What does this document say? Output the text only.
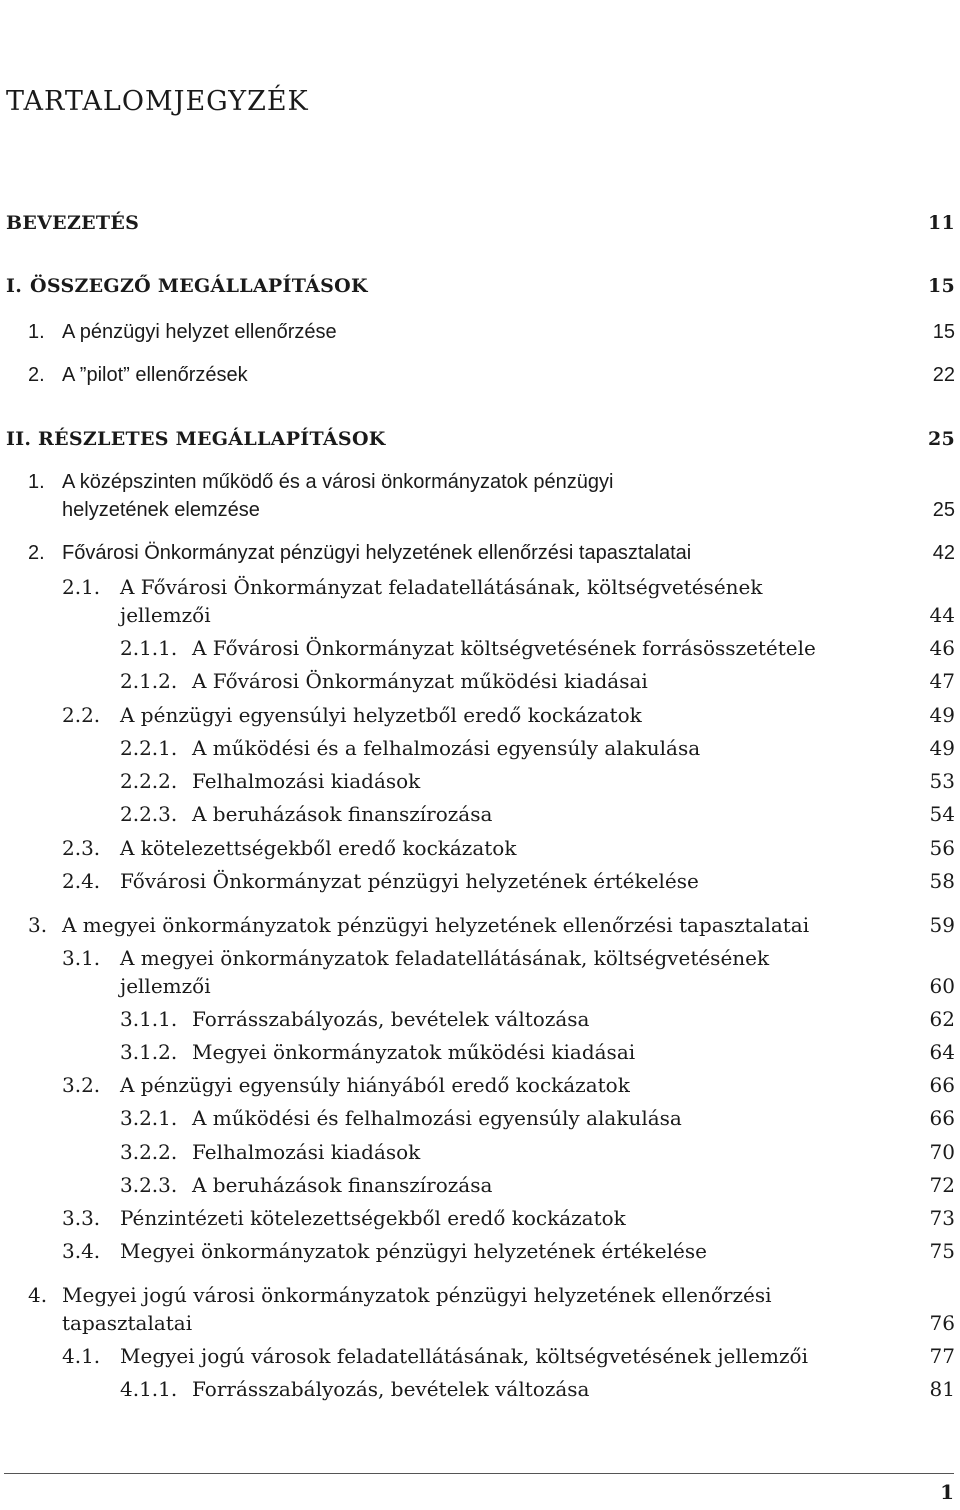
TARTALOMJEGYZÉK
BEVEZETÉS	11
I. ÖSSZEGZŐ MEGÁLLAPÍTÁSOK	15
1. A pénzügyi helyzet ellenőrzése	15
2. A ”pilot” ellenőrzések	22
II. RÉSZLETES MEGÁLLAPÍTÁSOK	25
1. A középszinten működő és a városi önkormányzatok pénzügyi
helyzetének elemzése	25
2. Fővárosi Önkormányzat pénzügyi helyzetének ellenőrzési tapasztalatai	42
2.1. A Fővárosi Önkormányzat feladatellátásának, költségvetésének
jellemzői	44
2.1.1. A Fővárosi Önkormányzat költségvetésének forrásösszetétele	46
2.1.2. A Fővárosi Önkormányzat működési kiadásai	47
2.2. A pénzügyi egyensúlyi helyzetből eredő kockázatok	49
2.2.1. A működési és a felhalmozási egyensúly alakulása	49
2.2.2. Felhalmozási kiadások	53
2.2.3. A beruházások finanszírozása	54
2.3. A kötelezettségekből eredő kockázatok	56
2.4. Fővárosi Önkormányzat pénzügyi helyzetének értékelése	58
3. A megyei önkormányzatok pénzügyi helyzetének ellenőrzési tapasztalatai	59
3.1. A megyei önkormányzatok feladatellátásának, költségvetésének
jellemzői	60
3.1.1. Forrásszabályozás, bevételek változása	62
3.1.2. Megyei önkormányzatok működési kiadásai	64
3.2. A pénzügyi egyensúly hiányából eredő kockázatok	66
3.2.1. A működési és felhalmozási egyensúly alakulása	66
3.2.2. Felhalmozási kiadások	70
3.2.3. A beruházások finanszírozása	72
3.3. Pénzintézeti kötelezettségekből eredő kockázatok	73
3.4. Megyei önkormányzatok pénzügyi helyzetének értékelése	75
4. Megyei jogú városi önkormányzatok pénzügyi helyzetének ellenőrzési
tapasztalatai	76
4.1. Megyei jogú városok feladatellátásának, költségvetésének jellemzői	77
4.1.1. Forrásszabályozás, bevételek változása	81
1
